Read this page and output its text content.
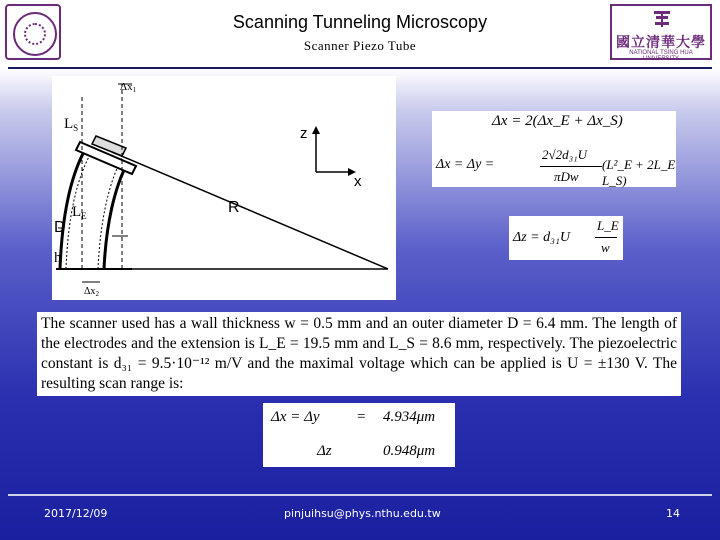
Scanning Tunneling Microscopy
Scanner Piezo Tube	國立清華大學
NATIONAL TSING HUA UNIVERSITY
Δx1
$L_S$
$L_E$
D
h
R
z
x
$\Delta x_2$
Δx = 2(Δx_E + Δx_S)
Δx = Δy =
2√2d₃₁U
πDw
(L²_E + 2L_E L_S)
Δz = d₃₁U
L_E
w
The scanner used has a wall thickness w = 0.5 mm and an outer diameter D = 6.4 mm. The length of the electrodes and the extension is L_E = 19.5 mm and L_S = 8.6 mm, respectively. The piezoelectric constant is d₃₁ = 9.5·10⁻¹² m/V and the maximal voltage which can be applied is U = ±130 V. The resulting scan range is:
Δx = Δy = 4.934μm
Δz	0.948μm
2017/12/09	pinjuihsu@phys.nthu.edu.tw	14
